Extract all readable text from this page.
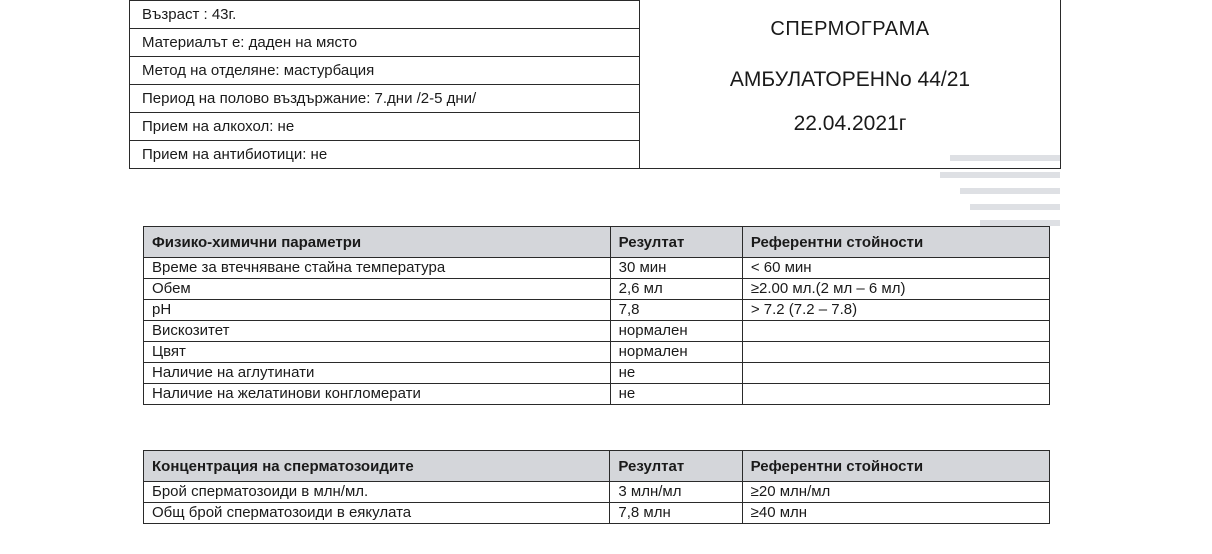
Възраст : 43г.
Материалът е: даден на място
Метод на отделяне: мастурбация
Период на полово въздържание: 7.дни /2-5 дни/
Прием на алкохол: не
Прием на антибиотици: не
СПЕРМОГРАМА
АМБУЛАТОРЕНNo 44/21
22.04.2021г
Физико-химични параметри	Резултат	Референтни стойности
Време за втечняване стайна температура	30 мин	< 60 мин
Обем	2,6 мл	≥2.00 мл.(2 мл – 6 мл)
pH	7,8	> 7.2 (7.2 – 7.8)
Вискозитет	нормален	
Цвят	нормален	
Наличие на аглутинати	не	
Наличие на желатинови конгломерати	не	
Концентрация на сперматозоидите	Резултат	Референтни стойности
Брой сперматозоиди в млн/мл.	3 млн/мл	≥20 млн/мл
Общ брой сперматозоиди в еякулата	7,8 млн	≥40 млн
